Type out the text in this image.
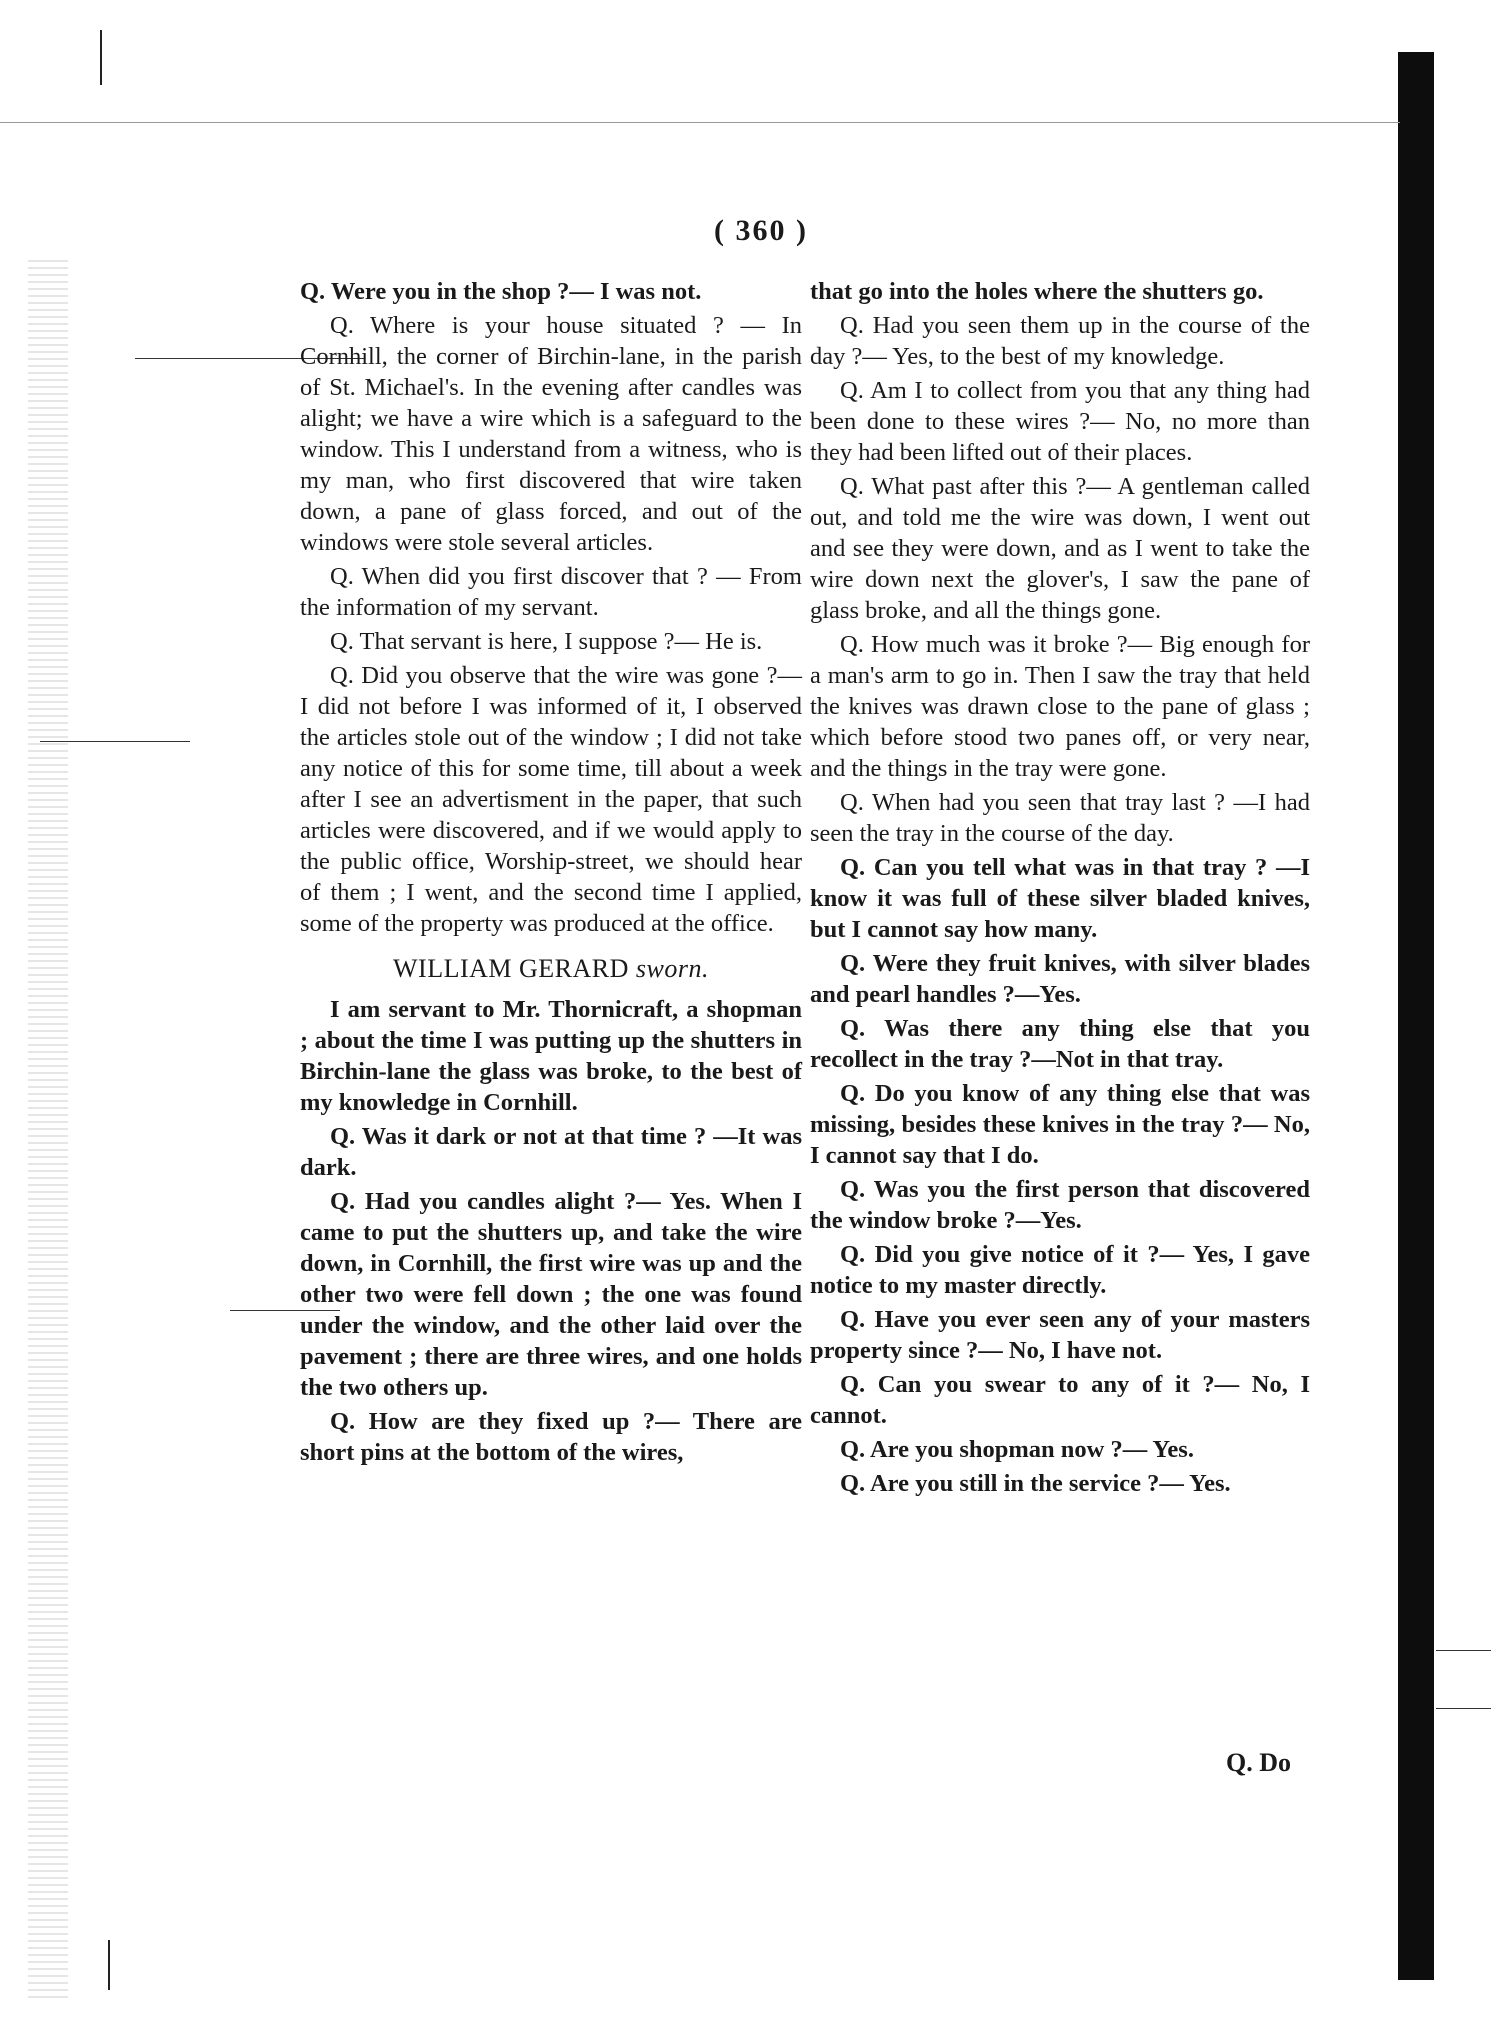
( 360 )

Q. Were you in the shop ?— I was not.

Q. Where is your house situated ? — In Cornhill, the corner of Birchin-lane, in the parish of St. Michael's. In the evening after candles was alight; we have a wire which is a safeguard to the window. This I understand from a witness, who is my man, who first discovered that wire taken down, a pane of glass forced, and out of the windows were stole several articles.

Q. When did you first discover that ? — From the information of my servant.

Q. That servant is here, I suppose ?— He is.

Q. Did you observe that the wire was gone ?— I did not before I was informed of it, I observed the articles stole out of the window ; I did not take any notice of this for some time, till about a week after I see an advertisment in the paper, that such articles were discovered, and if we would apply to the public office, Worship-street, we should hear of them ; I went, and the second time I applied, some of the property was produced at the office.

WILLIAM GERARD sworn.

I am servant to Mr. Thornicraft, a shopman ; about the time I was putting up the shutters in Birchin-lane the glass was broke, to the best of my knowledge in Cornhill.

Q. Was it dark or not at that time ? —It was dark.

Q. Had you candles alight ?— Yes. When I came to put the shutters up, and take the wire down, in Cornhill, the first wire was up and the other two were fell down ; the one was found under the window, and the other laid over the pavement ; there are three wires, and one holds the two others up.

Q. How are they fixed up ?— There are short pins at the bottom of the wires,

that go into the holes where the shutters go.

Q. Had you seen them up in the course of the day ?— Yes, to the best of my knowledge.

Q. Am I to collect from you that any thing had been done to these wires ?— No, no more than they had been lifted out of their places.

Q. What past after this ?— A gentleman called out, and told me the wire was down, I went out and see they were down, and as I went to take the wire down next the glover's, I saw the pane of glass broke, and all the things gone.

Q. How much was it broke ?— Big enough for a man's arm to go in. Then I saw the tray that held the knives was drawn close to the pane of glass ; which before stood two panes off, or very near, and the things in the tray were gone.

Q. When had you seen that tray last ? —I had seen the tray in the course of the day.

Q. Can you tell what was in that tray ? —I know it was full of these silver bladed knives, but I cannot say how many.

Q. Were they fruit knives, with silver blades and pearl handles ?—Yes.

Q. Was there any thing else that you recollect in the tray ?—Not in that tray.

Q. Do you know of any thing else that was missing, besides these knives in the tray ?— No, I cannot say that I do.

Q. Was you the first person that discovered the window broke ?—Yes.

Q. Did you give notice of it ?— Yes, I gave notice to my master directly.

Q. Have you ever seen any of your masters property since ?— No, I have not.

Q. Can you swear to any of it ?— No, I cannot.

Q. Are you shopman now ?— Yes.

Q. Are you still in the service ?— Yes.

Q. Do
